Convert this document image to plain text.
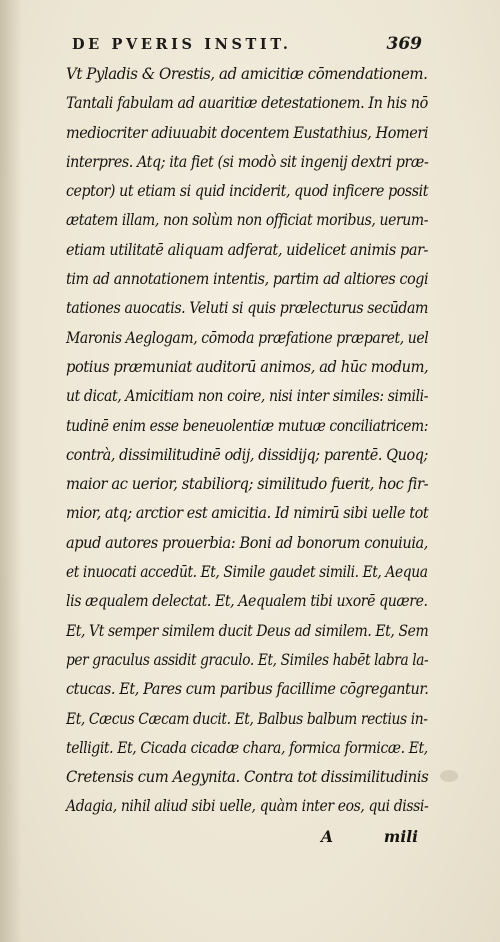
DE PVERIS INSTIT.	369
Vt Pyladis & Orestis, ad amicitiæ cōmendationem.
Tantali fabulam ad auaritiæ detestationem. In his nō
mediocriter adiuuabit docentem Eustathius, Homeri
interpres. Atq; ita fiet (si modò sit ingenij dextri præ-
ceptor) ut etiam si quid inciderit, quod inficere possit
ætatem illam, non solùm non officiat moribus, uerum-
etiam utilitatē aliquam adferat, uidelicet animis par-
tim ad annotationem intentis, partim ad altiores cogi
tationes auocatis. Veluti si quis prælecturus secūdam
Maronis Aeglogam, cōmoda præfatione præparet, uel
potius præmuniat auditorū animos, ad hūc modum,
ut dicat, Amicitiam non coire, nisi inter similes: simili-
tudinē enim esse beneuolentiæ mutuæ conciliatricem:
contrà, dissimilitudinē odij, dissidijq; parentē. Quoq;
maior ac uerior, stabiliorq; similitudo fuerit, hoc fir-
mior, atq; arctior est amicitia. Id nimirū sibi uelle tot
apud autores prouerbia: Boni ad bonorum conuiuia,
et inuocati accedūt. Et, Simile gaudet simili. Et, Aequa
lis æqualem delectat. Et, Aequalem tibi uxorē quære.
Et, Vt semper similem ducit Deus ad similem. Et, Sem
per graculus assidit graculo. Et, Similes habēt labra la-
ctucas. Et, Pares cum paribus facillime cōgregantur.
Et, Cæcus Cæcam ducit. Et, Balbus balbum rectius in-
telligit. Et, Cicada cicadæ chara, formica formicæ. Et,
Cretensis cum Aegynita. Contra tot dissimilitudinis
Adagia, nihil aliud sibi uelle, quàm inter eos, qui dissi-
A	mili
